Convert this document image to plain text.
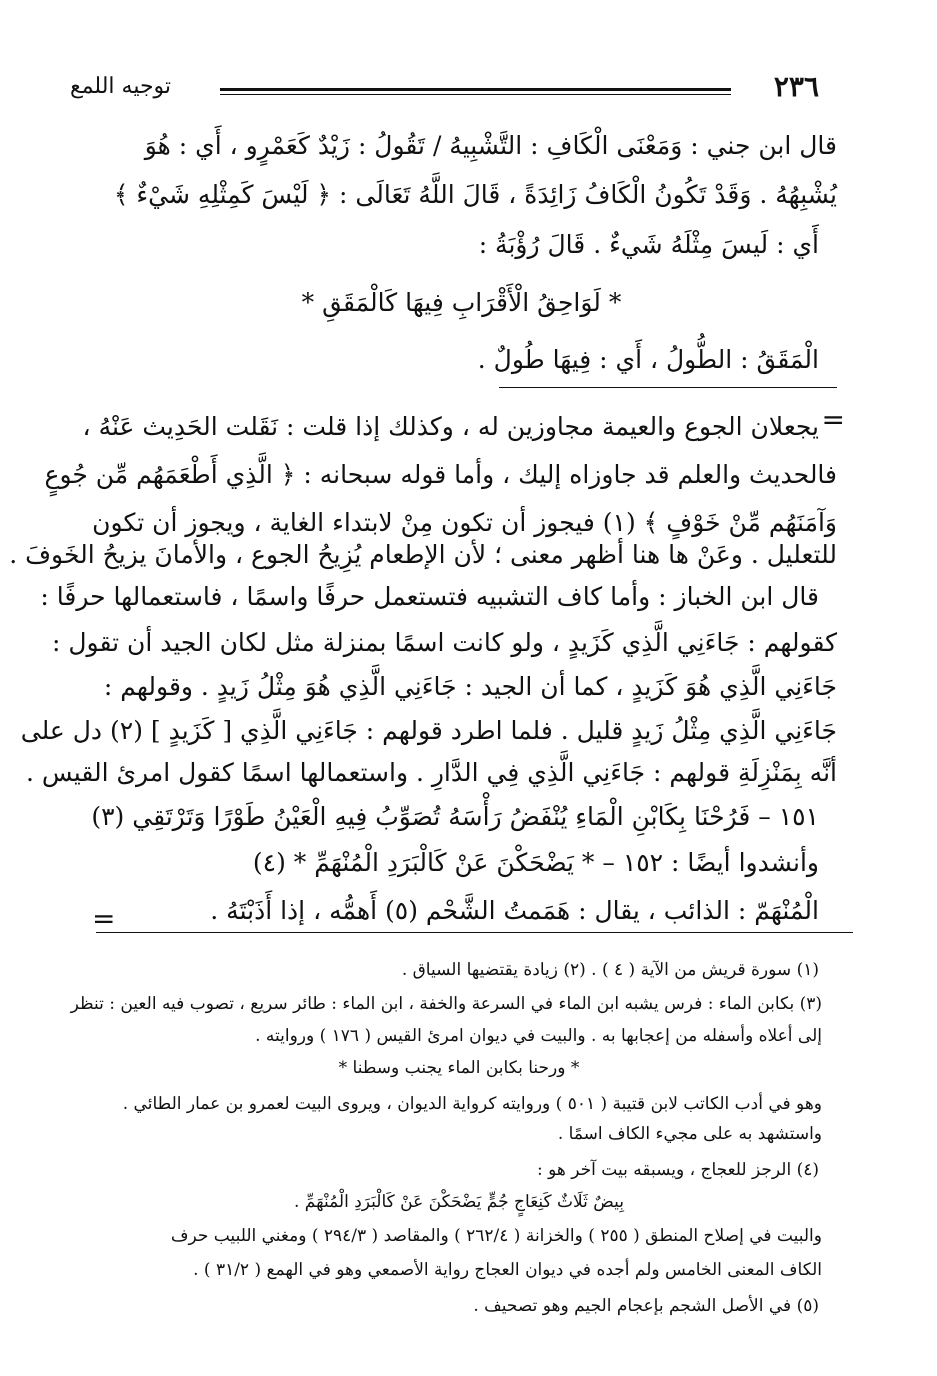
٢٣٦
توجيه اللمع
قال ابن جني : وَمَعْنَى الْكَافِ : التَّشْبِيهُ / تَقُولُ : زَيْدٌ كَعَمْرٍو ، أَي : هُوَ
يُشْبِهُهُ . وَقَدْ تَكُونُ الْكَافُ زَائِدَةً ، قَالَ اللَّهُ تَعَالَى : ﴿ لَيْسَ كَمِثْلِهِ شَيْءٌ ﴾
أَي : لَيسَ مِثْلَهُ شَيءٌ . قَالَ رُؤْبَةُ :
* لَوَاحِقُ الْأَقْرَابِ فِيهَا كَالْمَقَقِ *
الْمَقَقُ : الطُّولُ ، أَي : فِيهَا طُولٌ .
=
يجعلان الجوع والعيمة مجاوزين له ، وكذلك إذا قلت : نَقَلت الحَدِيث عَنْهُ ،
فالحديث والعلم قد جاوزاه إليك ، وأما قوله سبحانه : ﴿ الَّذِي أَطْعَمَهُم مِّن جُوعٍ
وَآمَنَهُم مِّنْ خَوْفٍ ﴾ (١) فيجوز أن تكون مِنْ لابتداء الغاية ، ويجوز أن تكون
للتعليل . وعَنْ ها هنا أظهر معنى ؛ لأن الإطعام يُزِيحُ الجوع ، والأمانَ يزيحُ الخَوفَ .
قال ابن الخباز : وأما كاف التشبيه فتستعمل حرفًا واسمًا ، فاستعمالها حرفًا :
كقولهم : جَاءَنِي الَّذِي كَزَيدٍ ، ولو كانت اسمًا بمنزلة مثل لكان الجيد أن تقول :
جَاءَنِي الَّذِي هُوَ كَزَيدٍ ، كما أن الجيد : جَاءَنِي الَّذِي هُوَ مِثْلُ زَيدٍ . وقولهم :
جَاءَنِي الَّذِي مِثْلُ زَيدٍ قليل . فلما اطرد قولهم : جَاءَنِي الَّذِي [ كَزَيدٍ ] (٢) دل على
أنَّه بِمَنْزِلَةِ قولهم : جَاءَنِي الَّذِي فِي الدَّارِ . واستعمالها اسمًا كقول امرئ القيس .
١٥١ – فَرُحْنَا بِكَابْنِ الْمَاءِ يُنْفَضُ رَأْسَهُ تُصَوِّبُ فِيهِ الْعَيْنُ طَوْرًا وَتَرْتَقِي (٣)
وأنشدوا أيضًا : ١٥٢ – * يَضْحَكْنَ عَنْ كَالْبَرَدِ الْمُنْهَمِّ * (٤)
الْمُنْهَمّ : الذائب ، يقال : هَمَمتُ الشَّحْم (٥) أَهمُّه ، إذا أَذَبْتَهُ .
=
(١) سورة قريش من الآية ( ٤ ) . (٢) زيادة يقتضيها السياق .
(٣) بكابن الماء : فرس يشبه ابن الماء في السرعة والخفة ، ابن الماء : طائر سريع ، تصوب فيه العين : تنظر
إلى أعلاه وأسفله من إعجابها به . والبيت في ديوان امرئ القيس ( ١٧٦ ) وروايته .
* ورحنا بكابن الماء يجنب وسطنا *
وهو في أدب الكاتب لابن قتيبة ( ٥٠١ ) وروايته كرواية الديوان ، ويروى البيت لعمرو بن عمار الطائي .
واستشهد به على مجيء الكاف اسمًا .
(٤) الرجز للعجاج ، ويسبقه بيت آخر هو :
بِيضٌ ثَلَاثٌ كَنِعَاجٍ جُمٍّ يَضْحَكْنَ عَنْ كَالْبَرَدِ الْمُنْهَمِّ .
والبيت في إصلاح المنطق ( ٢٥٥ ) والخزانة ( ٢٦٢/٤ ) والمقاصد ( ٢٩٤/٣ ) ومغني اللبيب حرف
الكاف المعنى الخامس ولم أجده في ديوان العجاج رواية الأصمعي وهو في الهمع ( ٣١/٢ ) .
(٥) في الأصل الشجم بإعجام الجيم وهو تصحيف .
